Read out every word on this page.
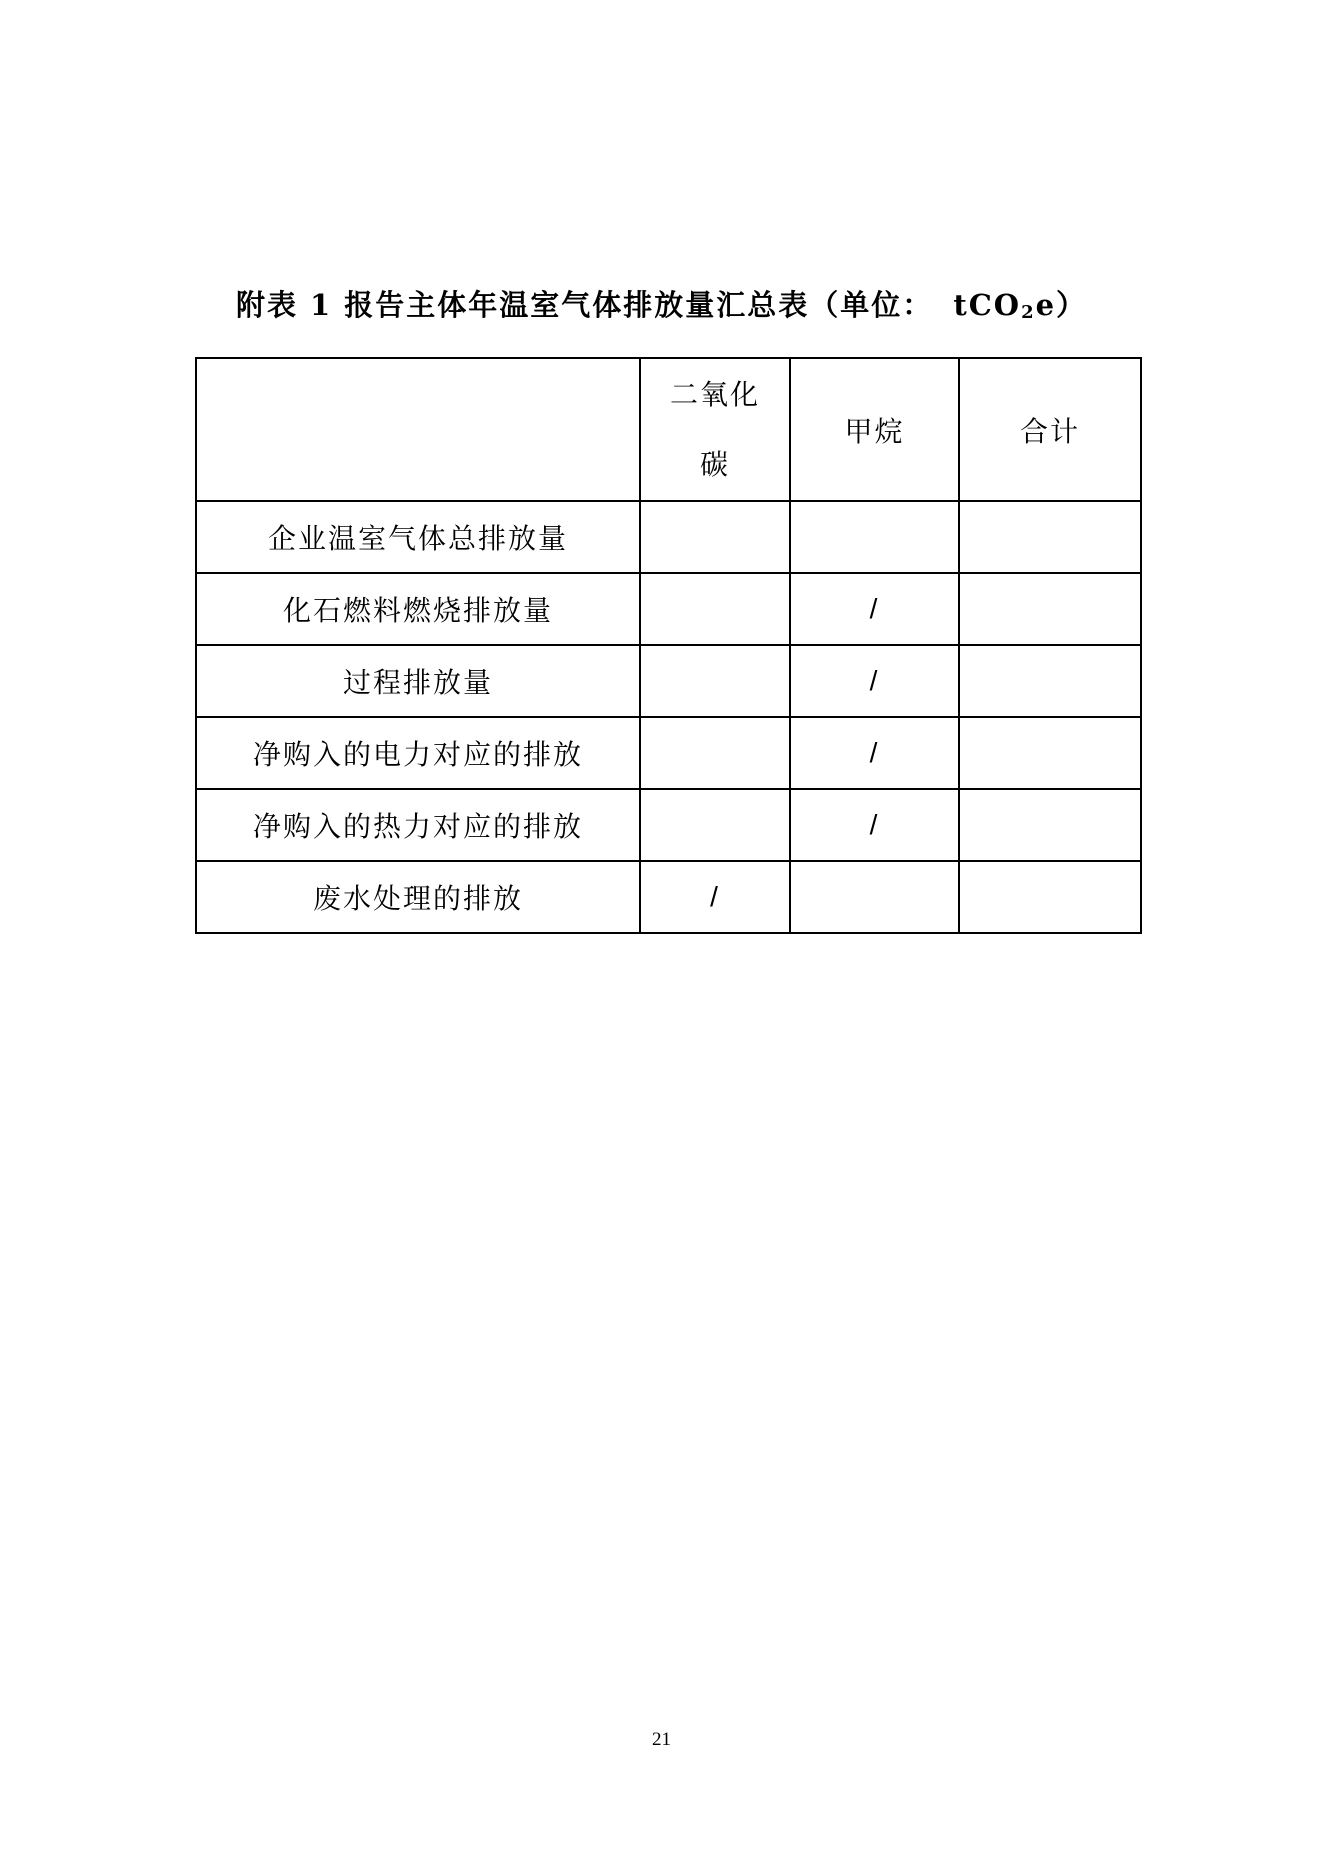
附表 1 报告主体年温室气体排放量汇总表（单位： tCO$_2$e）
	二氧化碳	甲烷	合计
企业温室气体总排放量			
化石燃料燃烧排放量		/	
过程排放量		/	
净购入的电力对应的排放		/	
净购入的热力对应的排放		/	
废水处理的排放	/		
21
